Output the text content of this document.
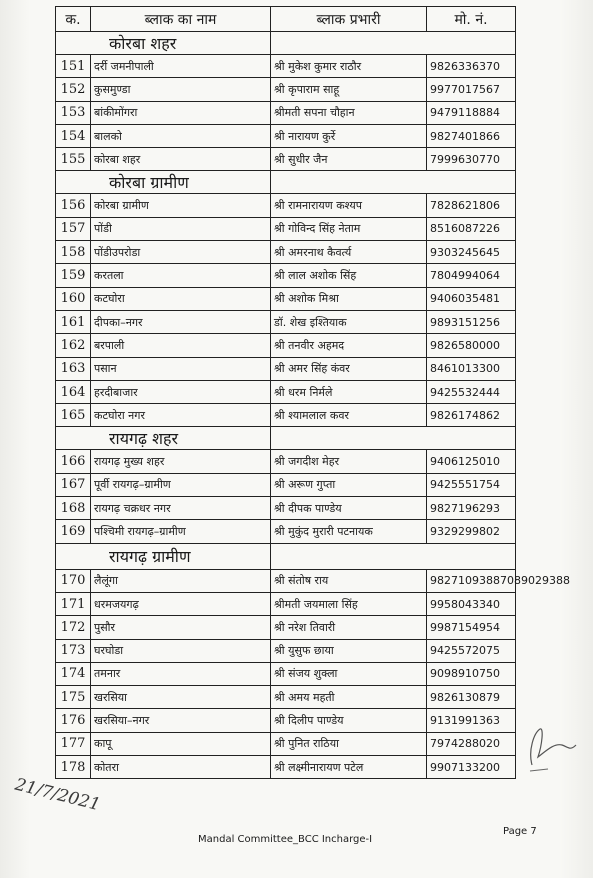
क.	ब्लाक का नाम	ब्लाक प्रभारी	मो. नं.
कोरबा शहर			
151	दर्री जमनीपाली	श्री मुकेश कुमार राठौर	9826336370
152	कुसमुण्डा	श्री कृपाराम साहू	9977017567
153	बांकीमोंगरा	श्रीमती सपना चौहान	9479118884
154	बालको	श्री नारायण कुर्रे	9827401866
155	कोरबा शहर	श्री सुधीर जैन	7999630770
कोरबा ग्रामीण			
156	कोरबा ग्रामीण	श्री रामनारायण कश्यप	7828621806
157	पोंडी	श्री गोविन्द सिंह नेताम	8516087226
158	पोंडीउपरोडा	श्री अमरनाथ कैवर्त्य	9303245645
159	करतला	श्री लाल अशोक सिंह	7804994064
160	कटघोरा	श्री अशोक मिश्रा	9406035481
161	दीपका–नगर	डॉ. शेख इश्तियाक	9893151256
162	बरपाली	श्री तनवीर अहमद	9826580000
163	पसान	श्री अमर सिंह कंवर	8461013300
164	हरदीबाजार	श्री धरम निर्मले	9425532444
165	कटघोरा नगर	श्री श्यामलाल कवर	9826174862
रायगढ़ शहर			
166	रायगढ़ मुख्य शहर	श्री जगदीश मेहर	9406125010
167	पूर्वी रायगढ़–ग्रामीण	श्री अरूण गुप्ता	9425551754
168	रायगढ़ चक्रधर नगर	श्री दीपक पाण्डेय	9827196293
169	पश्चिमी रायगढ़–ग्रामीण	श्री मुकुंद मुरारी पटनायक	9329299802
रायगढ़ ग्रामीण			
170	लैलूंगा	श्री संतोष राय	98271093887089029388
171	धरमजयगढ़	श्रीमती जयमाला सिंह	9958043340
172	पुसौर	श्री नरेश तिवारी	9987154954
173	घरघोडा	श्री युसुफ छाया	9425572075
174	तमनार	श्री संजय शुक्ला	9098910750
175	खरसिया	श्री अमय महती	9826130879
176	खरसिया–नगर	श्री दिलीप पाण्डेय	9131991363
177	कापू	श्री पुनित राठिया	7974288020
178	कोतरा	श्री लक्ष्मीनारायण पटेल	9907133200
21/7/2021
Mandal Committee_BCC Incharge-I
Page 7
